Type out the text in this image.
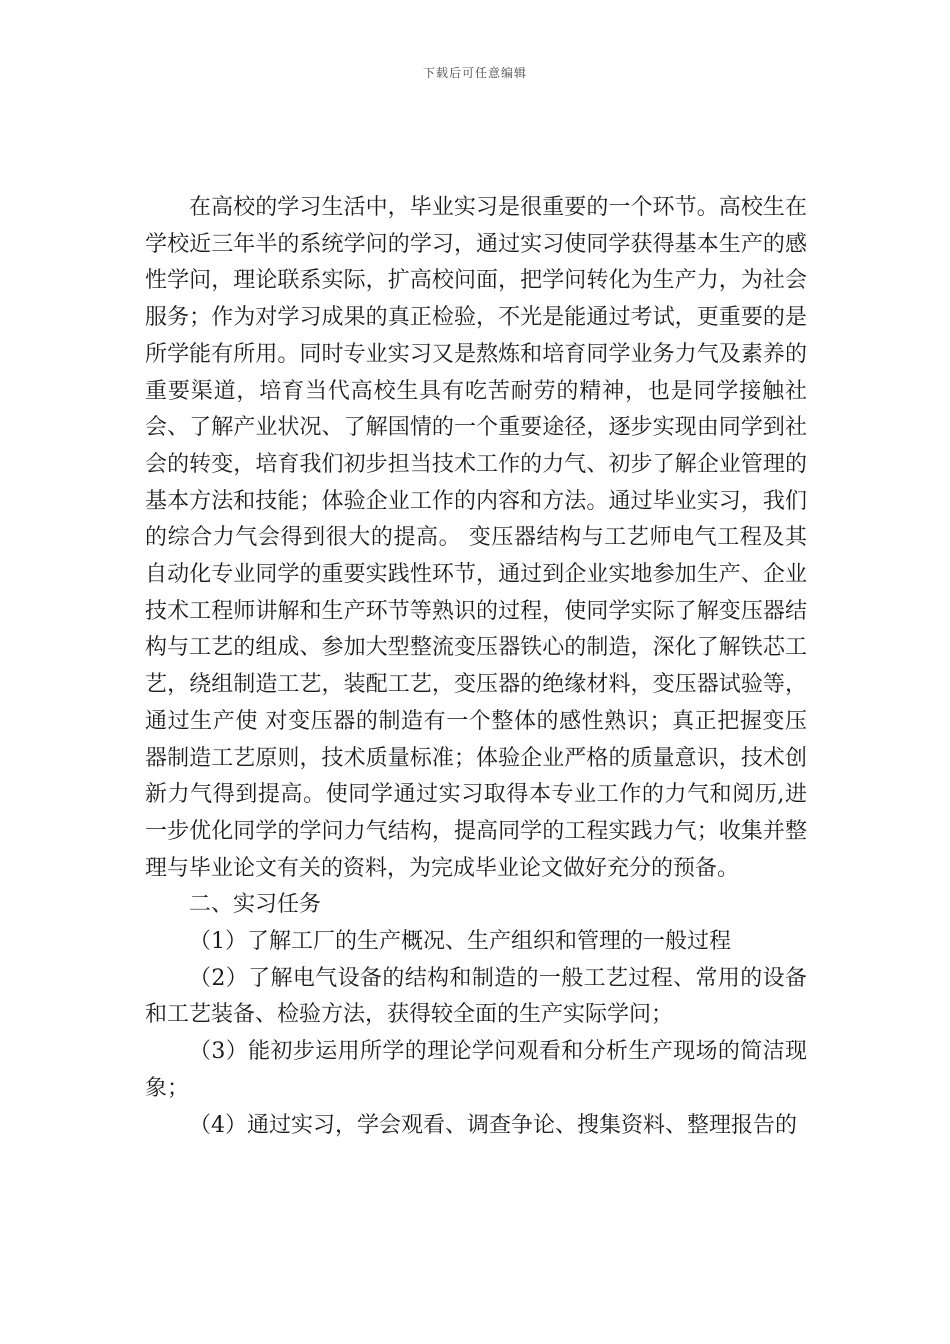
下载后可任意编辑

在高校的学习生活中，毕业实习是很重要的一个环节。高校生在学校近三年半的系统学问的学习，通过实习使同学获得基本生产的感性学问，理论联系实际，扩高校问面，把学问转化为生产力，为社会服务；作为对学习成果的真正检验，不光是能通过考试，更重要的是所学能有所用。同时专业实习又是熬炼和培育同学业务力气及素养的重要渠道，培育当代高校生具有吃苦耐劳的精神，也是同学接触社会、了解产业状况、了解国情的一个重要途径，逐步实现由同学到社会的转变，培育我们初步担当技术工作的力气、初步了解企业管理的基本方法和技能；体验企业工作的内容和方法。通过毕业实习，我们的综合力气会得到很大的提高。 变压器结构与工艺师电气工程及其自动化专业同学的重要实践性环节，通过到企业实地参加生产、企业技术工程师讲解和生产环节等熟识的过程，使同学实际了解变压器结构与工艺的组成、参加大型整流变压器铁心的制造，深化了解铁芯工艺，绕组制造工艺，装配工艺，变压器的绝缘材料，变压器试验等，通过生产使 对变压器的制造有一个整体的感性熟识；真正把握变压器制造工艺原则，技术质量标准；体验企业严格的质量意识，技术创新力气得到提高。使同学通过实习取得本专业工作的力气和阅历,进一步优化同学的学问力气结构，提高同学的工程实践力气；收集并整理与毕业论文有关的资料，为完成毕业论文做好充分的预备。

二、实习任务

（1）了解工厂的生产概况、生产组织和管理的一般过程

（2）了解电气设备的结构和制造的一般工艺过程、常用的设备和工艺装备、检验方法，获得较全面的生产实际学问；

（3）能初步运用所学的理论学问观看和分析生产现场的简洁现象；

（4）通过实习，学会观看、调查争论、搜集资料、整理报告的
